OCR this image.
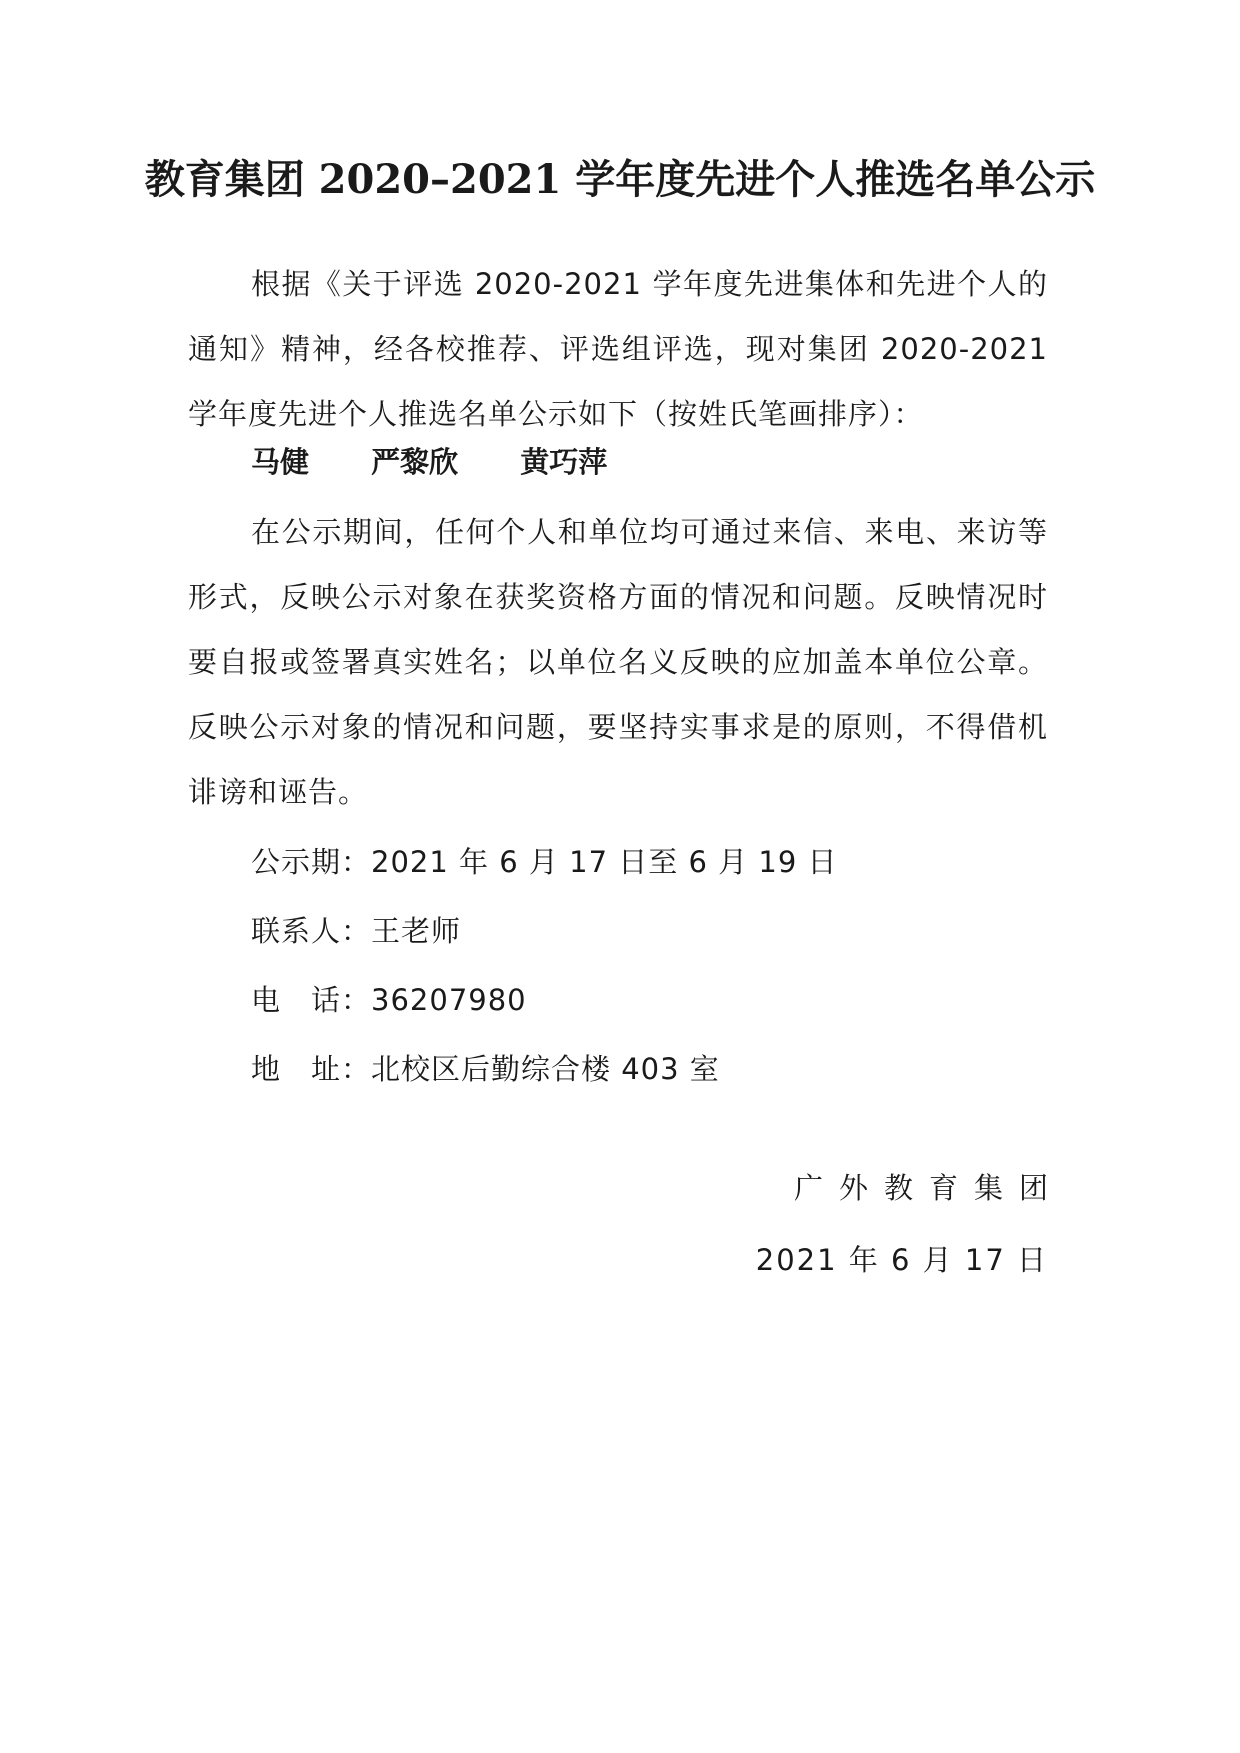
教育集团 2020–2021 学年度先进个人推选名单公示
根据《关于评选 2020-2021 学年度先进集体和先进个人的通知》精神，经各校推荐、评选组评选，现对集团 2020-2021 学年度先进个人推选名单公示如下（按姓氏笔画排序）：
马健 严黎欣 黄巧萍
在公示期间，任何个人和单位均可通过来信、来电、来访等形式，反映公示对象在获奖资格方面的情况和问题。反映情况时要自报或签署真实姓名；以单位名义反映的应加盖本单位公章。反映公示对象的情况和问题，要坚持实事求是的原则，不得借机诽谤和诬告。
公示期：2021 年 6 月 17 日至 6 月 19 日
联系人：王老师
电　话：36207980
地　址：北校区后勤综合楼 403 室
广外教育集团
2021 年 6 月 17 日
